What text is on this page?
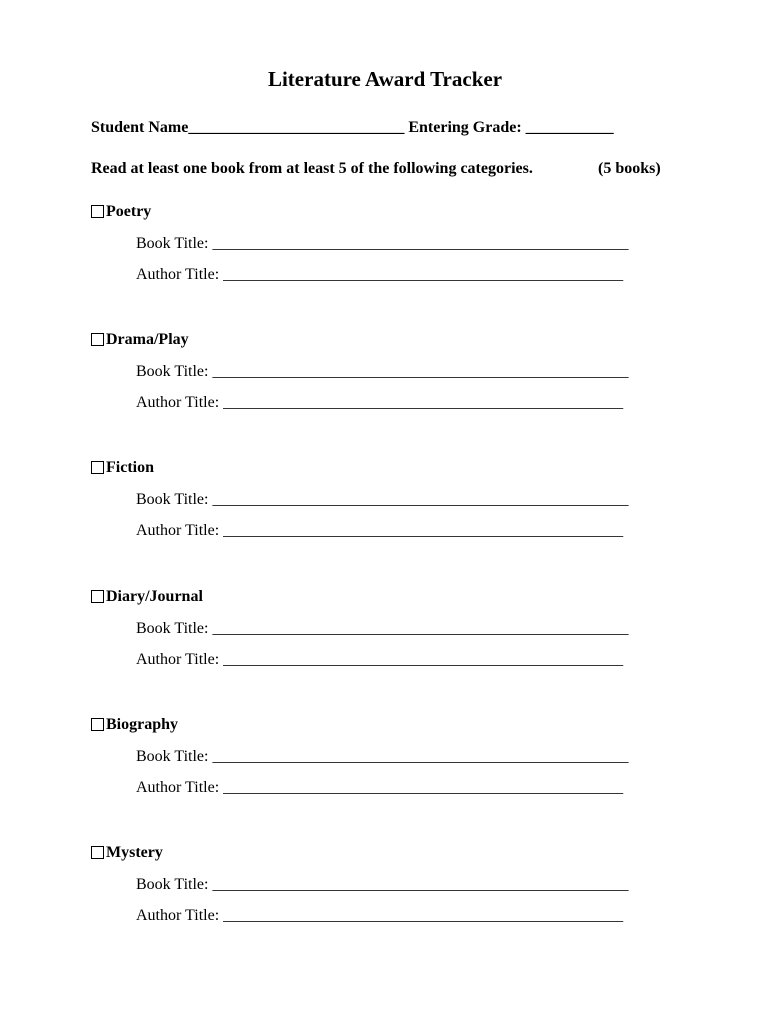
Literature Award Tracker
Student Name___________________________ Entering Grade: ___________
Read at least one book from at least 5 of the following categories.	(5 books)
Poetry
Book Title: ____________________________________________________
Author Title: __________________________________________________
Drama/Play
Book Title: ____________________________________________________
Author Title: __________________________________________________
Fiction
Book Title: ____________________________________________________
Author Title: __________________________________________________
Diary/Journal
Book Title: ____________________________________________________
Author Title: __________________________________________________
Biography
Book Title: ____________________________________________________
Author Title: __________________________________________________
Mystery
Book Title: ____________________________________________________
Author Title: __________________________________________________
